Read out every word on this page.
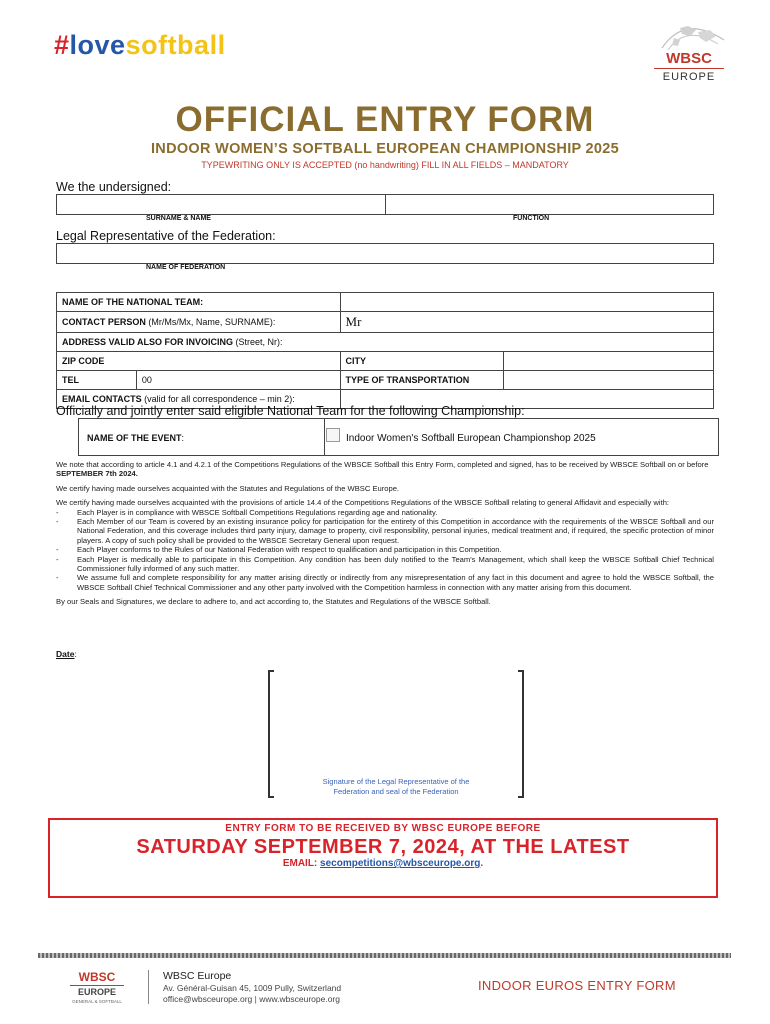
#lovesoftball	WBSC
EUROPE
OFFICIAL ENTRY FORM
INDOOR WOMEN’S SOFTBALL EUROPEAN CHAMPIONSHIP 2025
TYPEWRITING ONLY IS ACCEPTED (no handwriting) FILL IN ALL FIELDS – MANDATORY
We the undersigned:
SURNAME & NAME	FUNCTION
Legal Representative of the Federation:
NAME OF FEDERATION
NAME OF THE NATIONAL TEAM:			
CONTACT PERSON (Mr/Ms/Mx, Name, SURNAME):		Mr	
ADDRESS VALID ALSO FOR INVOICING (Street, Nr):			
ZIP CODE		CITY	
TEL	00	TYPE OF TRANSPORTATION	
EMAIL CONTACTS (valid for all correspondence – min 2):			
Officially and jointly enter said eligible National Team for the following Championship:
NAME OF THE EVENT:	Indoor Women's Softball European Championshop 2025

We note that according to article 4.1 and 4.2.1 of the Competitions Regulations of the WBSCE Softball this Entry Form, completed and signed, has to be received by WBSCE Softball on or before SEPTEMBER 7th 2024.

We certify having made ourselves acquainted with the Statutes and Regulations of the WBSC Europe.

We certify having made ourselves acquainted with the provisions of article 14.4 of the Competitions Regulations of the WBSCE Softball relating to general Affidavit and especially with:

- Each Player is in compliance with WBSCE Softball Competitions Regulations regarding age and nationality.
- Each Member of our Team is covered by an existing insurance policy for participation for the entirety of this Competition in accordance with the requirements of the WBSCE Softball and our National Federation, and this coverage includes third party injury, damage to property, civil responsibility, personal injuries, medical treatment and, if required, the specific protection of minor players. A copy of such policy shall be provided to the WBSCE Secretary General upon request.
- Each Player conforms to the Rules of our National Federation with respect to qualification and participation in this Competition.
- Each Player is medically able to participate in this Competition. Any condition has been duly notified to the Team's Management, which shall keep the WBSCE Softball Chief Technical Commissioner fully informed of any such matter.
- We assume full and complete responsibility for any matter arising directly or indirectly from any misrepresentation of any fact in this document and agree to hold the WBSCE Softball, the WBSCE Softball Chief Technical Commissioner and any other party involved with the Competition harmless in connection with any matter arising from this document.

By our Seals and Signatures, we declare to adhere to, and act according to, the Statutes and Regulations of the WBSCE Softball.

Date:
Signature of the Legal Representative of the
Federation and seal of the Federation
ENTRY FORM TO BE RECEIVED BY WBSC EUROPE BEFORE
SATURDAY SEPTEMBER 7, 2024, AT THE LATEST
EMAIL: secompetitions@wbsceurope.org.
WBSC
EUROPE
GENERAL & SOFTBALL
WBSC Europe
Av. Général-Guisan 45, 1009 Pully, Switzerland
office@wbsceurope.org | www.wbsceurope.org
INDOOR EUROS ENTRY FORM
